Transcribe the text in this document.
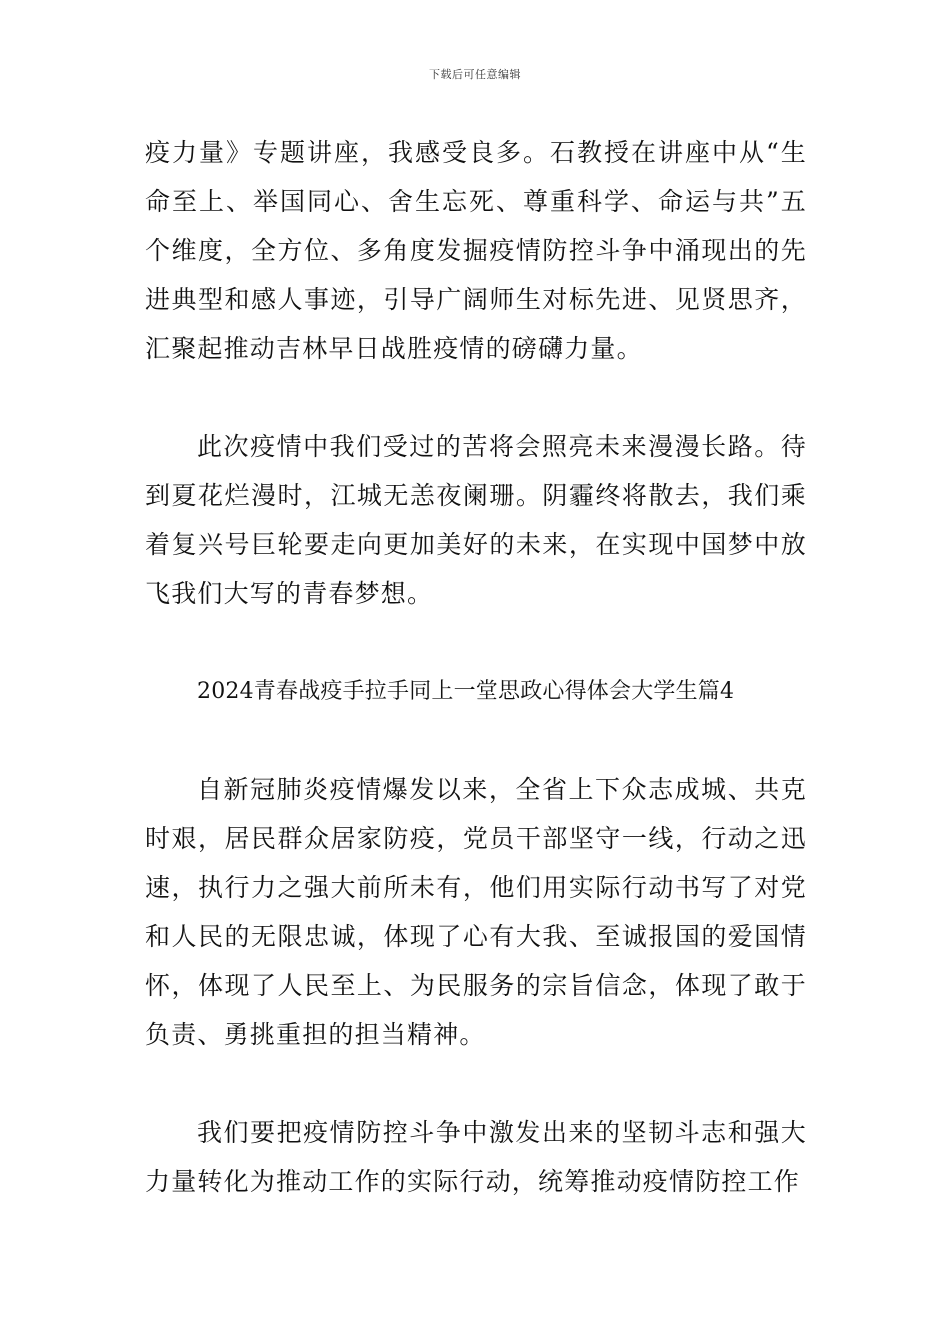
下载后可任意编辑

疫力量》专题讲座，我感受良多。石教授在讲座中从“生命至上、举国同心、舍生忘死、尊重科学、命运与共”五个维度，全方位、多角度发掘疫情防控斗争中涌现出的先进典型和感人事迹，引导广阔师生对标先进、见贤思齐，汇聚起推动吉林早日战胜疫情的磅礴力量。

此次疫情中我们受过的苦将会照亮未来漫漫长路。待到夏花烂漫时，江城无恙夜阑珊。阴霾终将散去，我们乘着复兴号巨轮要走向更加美好的未来，在实现中国梦中放飞我们大写的青春梦想。

2024青春战疫手拉手同上一堂思政心得体会大学生篇4

自新冠肺炎疫情爆发以来，全省上下众志成城、共克时艰，居民群众居家防疫，党员干部坚守一线，行动之迅速，执行力之强大前所未有，他们用实际行动书写了对党和人民的无限忠诚，体现了心有大我、至诚报国的爱国情怀，体现了人民至上、为民服务的宗旨信念，体现了敢于负责、勇挑重担的担当精神。

我们要把疫情防控斗争中激发出来的坚韧斗志和强大力量转化为推动工作的实际行动，统筹推动疫情防控工作
